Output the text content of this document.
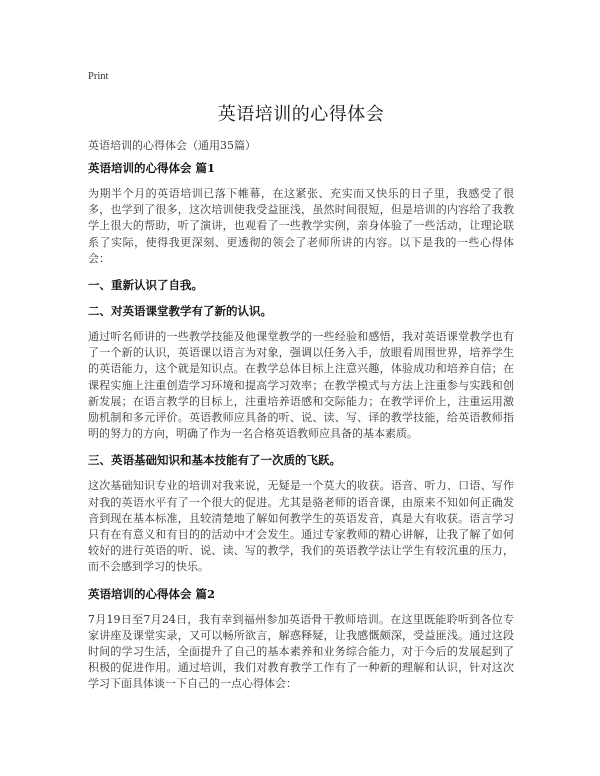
Print
英语培训的心得体会
英语培训的心得体会（通用35篇）
英语培训的心得体会 篇1

为期半个月的英语培训已落下帷幕，在这紧张、充实而又快乐的日子里，我感受了很多，也学到了很多，这次培训使我受益匪浅，虽然时间很短，但是培训的内容给了我教学上很大的帮助，听了演讲，也观看了一些教学实例，亲身体验了一些活动，让理论联系了实际，使得我更深刻、更透彻的领会了老师所讲的内容。以下是我的一些心得体会：

一、重新认识了自我。
二、对英语课堂教学有了新的认识。

通过听名师讲的一些教学技能及他课堂教学的一些经验和感悟，我对英语课堂教学也有了一个新的认识，英语课以语言为对象，强调以任务入手，放眼看周围世界，培养学生的英语能力，这个就是知识点。在教学总体目标上注意兴趣，体验成功和培养自信；在课程实施上注重创造学习环境和提高学习效率；在教学模式与方法上注重参与实践和创新发展；在语言教学的目标上，注重培养语感和交际能力；在教学评价上，注重运用激励机制和多元评价。英语教师应具备的听、说、读、写、译的教学技能，给英语教师指明的努力的方向，明确了作为一名合格英语教师应具备的基本素质。

三、英语基础知识和基本技能有了一次质的飞跃。

这次基础知识专业的培训对我来说，无疑是一个莫大的收获。语音、听力、口语、写作对我的英语水平有了一个很大的促进。尤其是骆老师的语音课，由原来不知如何正确发音到现在基本标准，且较清楚地了解如何教学生的英语发音，真是大有收获。语言学习只有在有意义和有目的的活动中才会发生。通过专家教师的精心讲解，让我了解了如何较好的进行英语的听、说、读、写的教学，我们的英语教学法让学生有较沉重的压力，而不会感到学习的快乐。

英语培训的心得体会 篇2

7月19日至7月24日，我有幸到福州参加英语骨干教师培训。在这里既能聆听到各位专家讲座及课堂实录，又可以畅所欲言，解惑释疑，让我感慨颇深，受益匪浅。通过这段时间的学习生活，全面提升了自己的基本素养和业务综合能力，对于今后的发展起到了积极的促进作用。通过培训，我们对教育教学工作有了一种新的理解和认识，针对这次学习下面具体谈一下自己的一点心得体会：
